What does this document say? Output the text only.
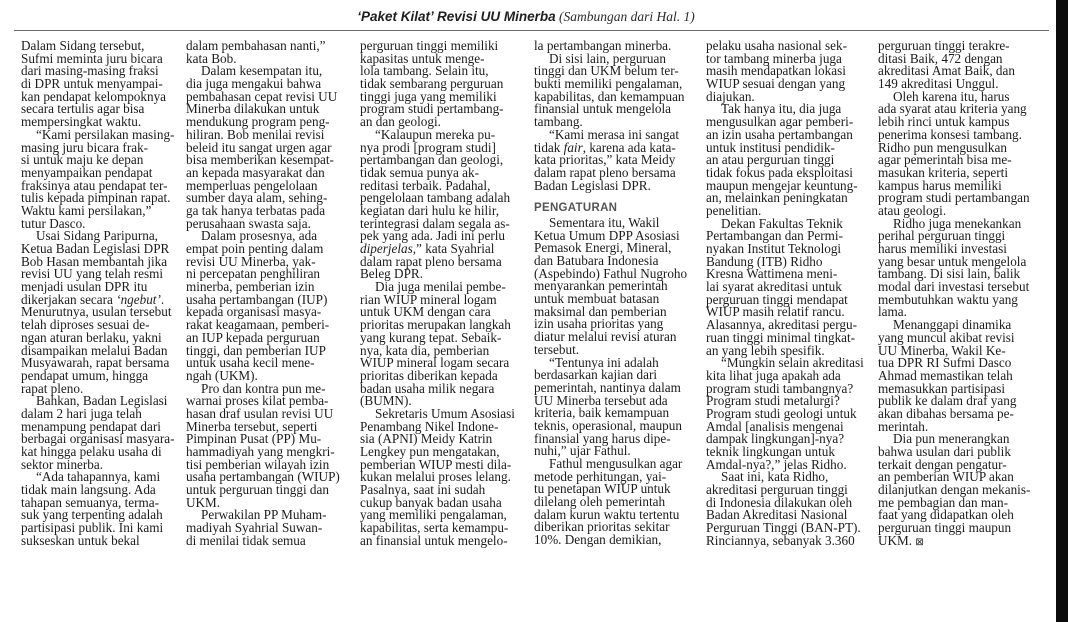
‘Paket Kilat’ Revisi UU Minerba (Sambungan dari Hal. 1)
Dalam Sidang tersebut,
Sufmi meminta juru bicara
dari masing-masing fraksi
di DPR untuk menyampai-
kan pendapat kelompoknya
secara tertulis agar bisa
mempersingkat waktu.
“Kami persilakan masing-
masing juru bicara frak-
si untuk maju ke depan
menyampaikan pendapat
fraksinya atau pendapat ter-
tulis kepada pimpinan rapat.
Waktu kami persilakan,”
tutur Dasco.
Usai Sidang Paripurna,
Ketua Badan Legislasi DPR
Bob Hasan membantah jika
revisi UU yang telah resmi
menjadi usulan DPR itu
dikerjakan secara ‘ngebut’.
Menurutnya, usulan tersebut
telah diproses sesuai de-
ngan aturan berlaku, yakni
disampaikan melalui Badan
Musyawarah, rapat bersama
pendapat umum, hingga
rapat pleno.
Bahkan, Badan Legislasi
dalam 2 hari juga telah
menampung pendapat dari
berbagai organisasi masyara-
kat hingga pelaku usaha di
sektor minerba.
“Ada tahapannya, kami
tidak main langsung. Ada
tahapan semuanya, terma-
suk yang terpenting adalah
partisipasi publik. Ini kami
sukseskan untuk bekal
dalam pembahasan nanti,”
kata Bob.
Dalam kesempatan itu,
dia juga mengakui bahwa
pembahasan cepat revisi UU
Minerba dilakukan untuk
mendukung program peng-
hiliran. Bob menilai revisi
beleid itu sangat urgen agar
bisa memberikan kesempat-
an kepada masyarakat dan
memperluas pengelolaan
sumber daya alam, sehing-
ga tak hanya terbatas pada
perusahaan swasta saja.
Dalam prosesnya, ada
empat poin penting dalam
revisi UU Minerba, yak-
ni percepatan penghiliran
minerba, pemberian izin
usaha pertambangan (IUP)
kepada organisasi masya-
rakat keagamaan, pemberi-
an IUP kepada perguruan
tinggi, dan pemberian IUP
untuk usaha kecil mene-
ngah (UKM).
Pro dan kontra pun me-
warnai proses kilat pemba-
hasan draf usulan revisi UU
Minerba tersebut, seperti
Pimpinan Pusat (PP) Mu-
hammadiyah yang mengkri-
tisi pemberian wilayah izin
usaha pertambangan (WIUP)
untuk perguruan tinggi dan
UKM.
Perwakilan PP Muham-
madiyah Syahrial Suwan-
di menilai tidak semua
perguruan tinggi memiliki
kapasitas untuk menge-
lola tambang. Selain itu,
tidak sembarang perguruan
tinggi juga yang memiliki
program studi pertambang-
an dan geologi.
“Kalaupun mereka pu-
nya prodi [program studi]
pertambangan dan geologi,
tidak semua punya ak-
reditasi terbaik. Padahal,
pengelolaan tambang adalah
kegiatan dari hulu ke hilir,
terintegrasi dalam segala as-
pek yang ada. Jadi ini perlu
diperjelas,” kata Syahrial
dalam rapat pleno bersama
Beleg DPR.
Dia juga menilai pembe-
rian WIUP mineral logam
untuk UKM dengan cara
prioritas merupakan langkah
yang kurang tepat. Sebaik-
nya, kata dia, pemberian
WIUP mineral logam secara
prioritas diberikan kepada
badan usaha milik negara
(BUMN).
Sekretaris Umum Asosiasi
Penambang Nikel Indone-
sia (APNI) Meidy Katrin
Lengkey pun mengatakan,
pemberian WIUP mesti dila-
kukan melalui proses lelang.
Pasalnya, saat ini sudah
cukup banyak badan usaha
yang memiliki pengalaman,
kapabilitas, serta kemampu-
an finansial untuk mengelo-
la pertambangan minerba.
Di sisi lain, perguruan
tinggi dan UKM belum ter-
bukti memiliki pengalaman,
kapabilitas, dan kemampuan
finansial untuk mengelola
tambang.
“Kami merasa ini sangat
tidak fair, karena ada kata-
kata prioritas,” kata Meidy
dalam rapat pleno bersama
Badan Legislasi DPR.
PENGATURAN
Sementara itu, Wakil
Ketua Umum DPP Asosiasi
Pemasok Energi, Mineral,
dan Batubara Indonesia
(Aspebindo) Fathul Nugroho
menyarankan pemerintah
untuk membuat batasan
maksimal dan pemberian
izin usaha prioritas yang
diatur melalui revisi aturan
tersebut.
“Tentunya ini adalah
berdasarkan kajian dari
pemerintah, nantinya dalam
UU Minerba tersebut ada
kriteria, baik kemampuan
teknis, operasional, maupun
finansial yang harus dipe-
nuhi,” ujar Fathul.
Fathul mengusulkan agar
metode perhitungan, yai-
tu penetapan WIUP untuk
dilelang oleh pemerintah
dalam kurun waktu tertentu
diberikan prioritas sekitar
10%. Dengan demikian,
pelaku usaha nasional sek-
tor tambang minerba juga
masih mendapatkan lokasi
WIUP sesuai dengan yang
diajukan.
Tak hanya itu, dia juga
mengusulkan agar pemberi-
an izin usaha pertambangan
untuk institusi pendidik-
an atau perguruan tinggi
tidak fokus pada eksploitasi
maupun mengejar keuntung-
an, melainkan peningkatan
penelitian.
Dekan Fakultas Teknik
Pertambangan dan Permi-
nyakan Institut Teknologi
Bandung (ITB) Ridho
Kresna Wattimena meni-
lai syarat akreditasi untuk
perguruan tinggi mendapat
WIUP masih relatif rancu.
Alasannya, akreditasi pergu-
ruan tinggi minimal tingkat-
an yang lebih spesifik.
“Mungkin selain akreditasi
kita lihat juga apakah ada
program studi tambangnya?
Program studi metalurgi?
Program studi geologi untuk
Amdal [analisis mengenai
dampak lingkungan]-nya?
teknik lingkungan untuk
Amdal-nya?,” jelas Ridho.
Saat ini, kata Ridho,
akreditasi perguruan tinggi
di Indonesia dilakukan oleh
Badan Akreditasi Nasional
Perguruan Tinggi (BAN-PT).
Rinciannya, sebanyak 3.360
perguruan tinggi terakre-
ditasi Baik, 472 dengan
akreditasi Amat Baik, dan
149 akreditasi Unggul.
Oleh karena itu, harus
ada syarat atau kriteria yang
lebih rinci untuk kampus
penerima konsesi tambang.
Ridho pun mengusulkan
agar pemerintah bisa me-
masukan kriteria, seperti
kampus harus memiliki
program studi pertambangan
atau geologi.
Ridho juga menekankan
perihal perguruan tinggi
harus memiliki investasi
yang besar untuk mengelola
tambang. Di sisi lain, balik
modal dari investasi tersebut
membutuhkan waktu yang
lama.
Menanggapi dinamika
yang muncul akibat revisi
UU Minerba, Wakil Ke-
tua DPR RI Sufmi Dasco
Ahmad memastikan telah
memasukkan partisipasi
publik ke dalam draf yang
akan dibahas bersama pe-
merintah.
Dia pun menerangkan
bahwa usulan dari publik
terkait dengan pengatur-
an pemberian WIUP akan
dilanjutkan dengan mekanis-
me pembagian dan man-
faat yang didapatkan oleh
perguruan tinggi maupun
UKM. ⊠
